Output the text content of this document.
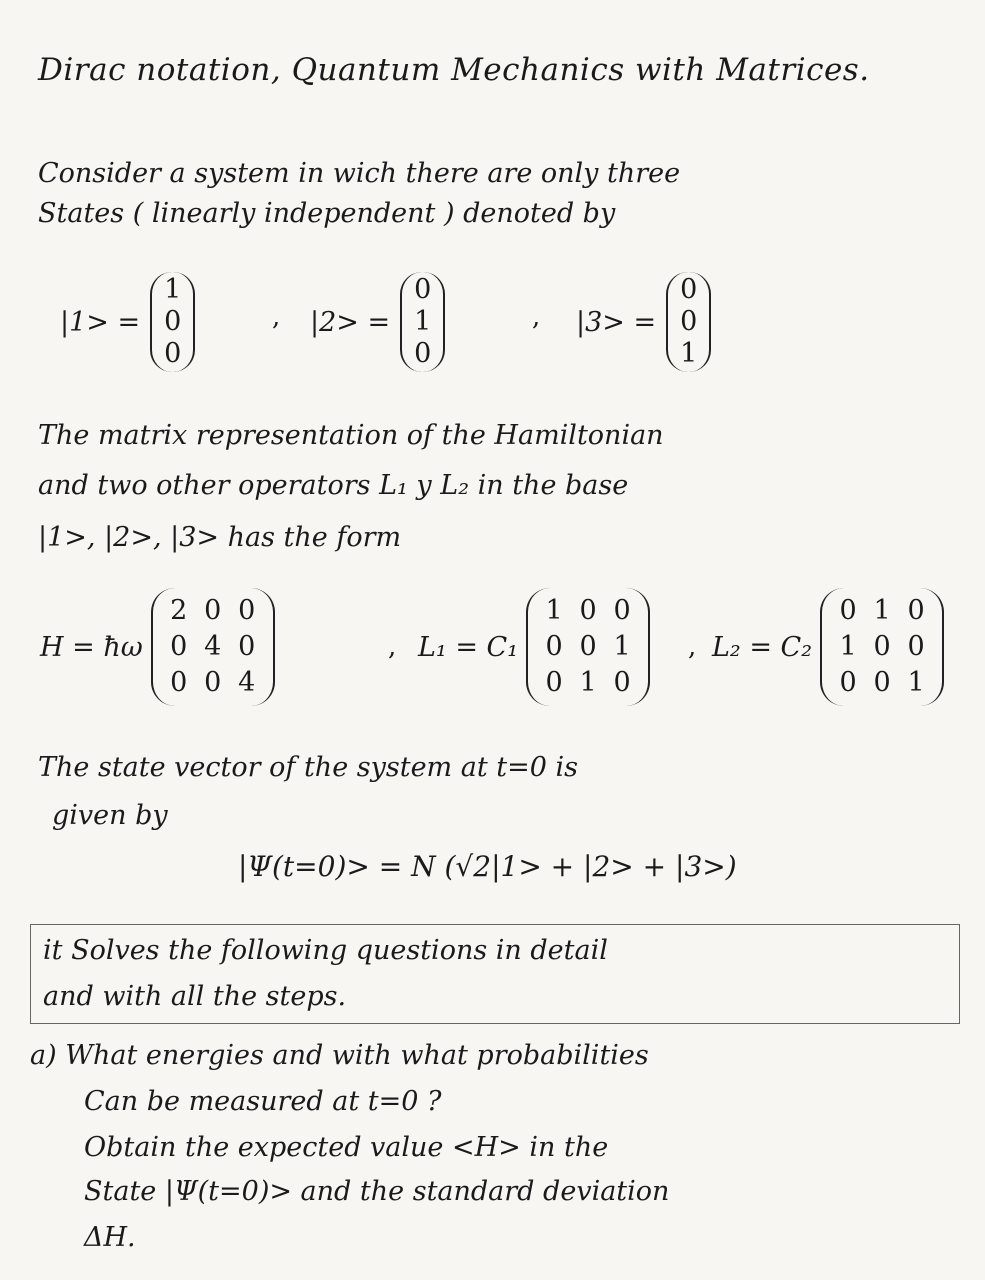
Dirac notation, Quantum Mechanics with Matrices.
Consider a system in wich there are only three
States ( linearly independent ) denoted by
|1> =
1
0
0
, |2> =
0
1
0
, |3> =
0
0
1
The matrix representation of the Hamiltonian
and two other operators L₁ y L₂ in the base
|1>, |2>, |3> has the form
H = ħω
2 0 0
0 4 0
0 0 4
, L₁ = C₁
1 0 0
0 0 1
0 1 0
, L₂ = C₂
0 1 0
1 0 0
0 0 1
The state vector of the system at t=0 is
given by
|Ψ(t=0)> = N (√2|1> + |2> + |3>)
it Solves the following questions in detail
and with all the steps.
a) What energies and with what probabilities
Can be measured at t=0 ?
Obtain the expected value <H> in the
State |Ψ(t=0)> and the standard deviation
ΔH.
